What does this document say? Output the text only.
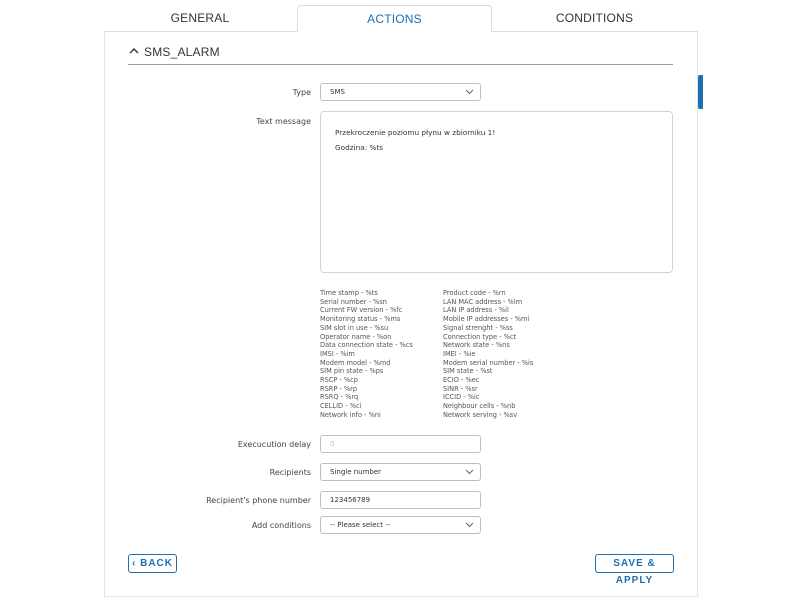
GENERAL	ACTIONS	CONDITIONS
SMS_ALARM
Type	SMS
Text message
Przekroczenie poziomu płynu w zbiorniku 1!
Godzina: %ts
Time stamp - %ts
Serial number - %sn
Current FW version - %fc
Monitoring status - %ms
SIM slot in use - %su
Operator name - %on
Data connection state - %cs
IMSI - %im
Modem model - %md
SIM pin state - %ps
RSCP - %cp
RSRP - %rp
RSRQ - %rq
CELLID - %ci
Network info - %ni
Product code - %rn
LAN MAC address - %lm
LAN IP address - %il
Mobile IP addresses - %mi
Signal strenght - %ss
Connection type - %ct
Network state - %ns
IMEI - %ie
Modem serial number - %is
SIM state - %st
ECIO - %ec
SINR - %sr
ICCID - %ic
Neighbour cells - %nb
Network serving - %sv
Execucution delay	0
Recipients	Single number
Recipient's phone number	123456789
Add conditions	-- Please select --
‹ BACK	SAVE & APPLY
